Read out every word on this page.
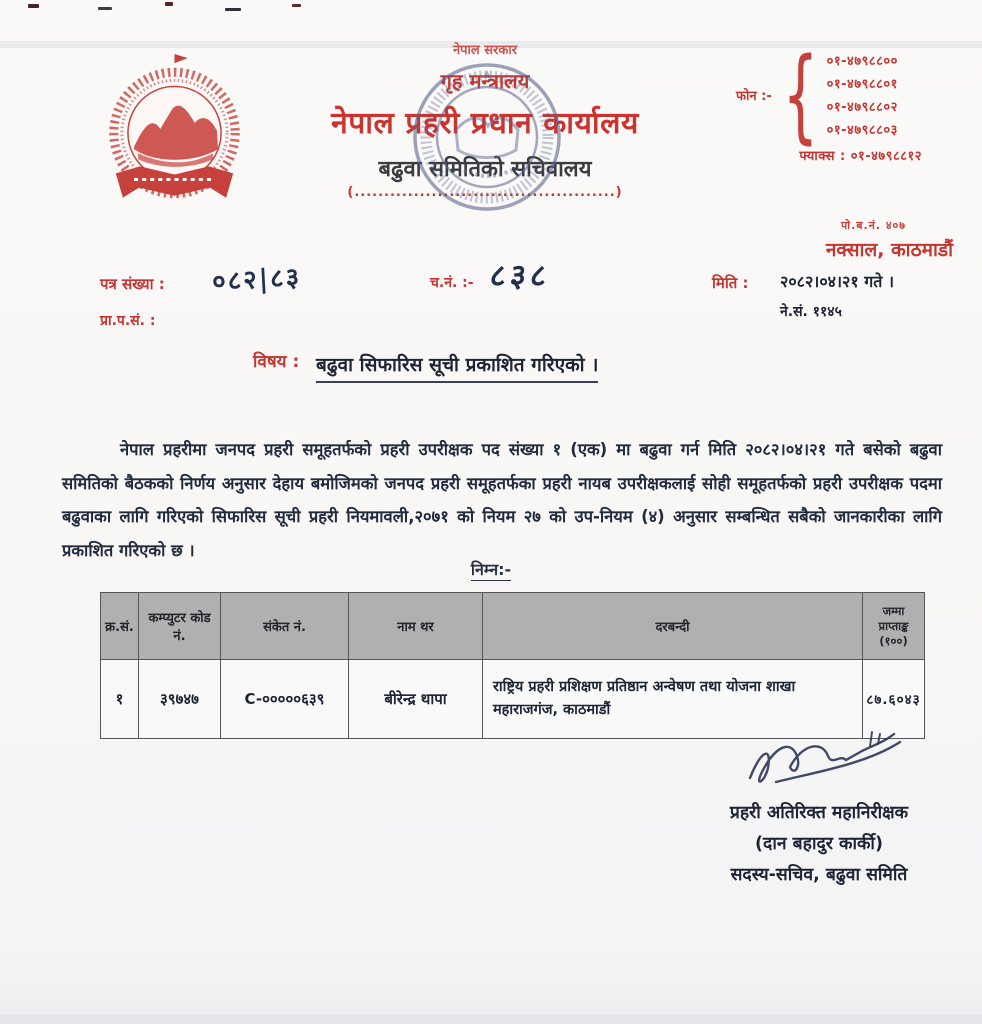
नेपाल सरकार
गृह मन्त्रालय
नेपाल प्रहरी प्रधान कार्यालय
बढुवा समितिको सचिवालय
(............................................)
फोन :- { ०१-४७९८८००
०१-४७९८८०१
०१-४७९८८०२
०१-४७९८८०३
फ्याक्स : ०१-४७९८८१२
पो.ब.नं. ४०७
नक्साल, काठमाडौं
पत्र संख्या : ०८२|८३	च.नं. :- ८३८	मिति : २०८२।०४।२१ गते ।
ने.सं. ११४५
प्रा.प.सं. :
विषय : बढुवा सिफारिस सूची प्रकाशित गरिएको ।
नेपाल प्रहरीमा जनपद प्रहरी समूहतर्फको प्रहरी उपरीक्षक पद संख्या १ (एक) मा बढुवा गर्न मिति २०८२।०४।२१ गते बसेको बढुवा समितिको बैठकको निर्णय अनुसार देहाय बमोजिमको जनपद प्रहरी समूहतर्फका प्रहरी नायब उपरीक्षकलाई सोही समूहतर्फको प्रहरी उपरीक्षक पदमा बढुवाका लागि गरिएको सिफारिस सूची प्रहरी नियमावली,२०७१ को नियम २७ को उप-नियम (४) अनुसार सम्बन्धित सबैको जानकारीका लागि प्रकाशित गरिएको छ ।
निम्न:-
क्र.सं.	कम्प्युटर कोड नं.	संकेत नं.	नाम थर	दरबन्दी	जम्मा प्राप्ताङ्क (१००)
१	३९७४७	C-०००००६३९	बीरेन्द्र थापा	राष्ट्रिय प्रहरी प्रशिक्षण प्रतिष्ठान अन्वेषण तथा योजना शाखा महाराजगंज, काठमाडौं	८७.६०४३
प्रहरी अतिरिक्त महानिरीक्षक
(दान बहादुर कार्की)
सदस्य-सचिव, बढुवा समिति
